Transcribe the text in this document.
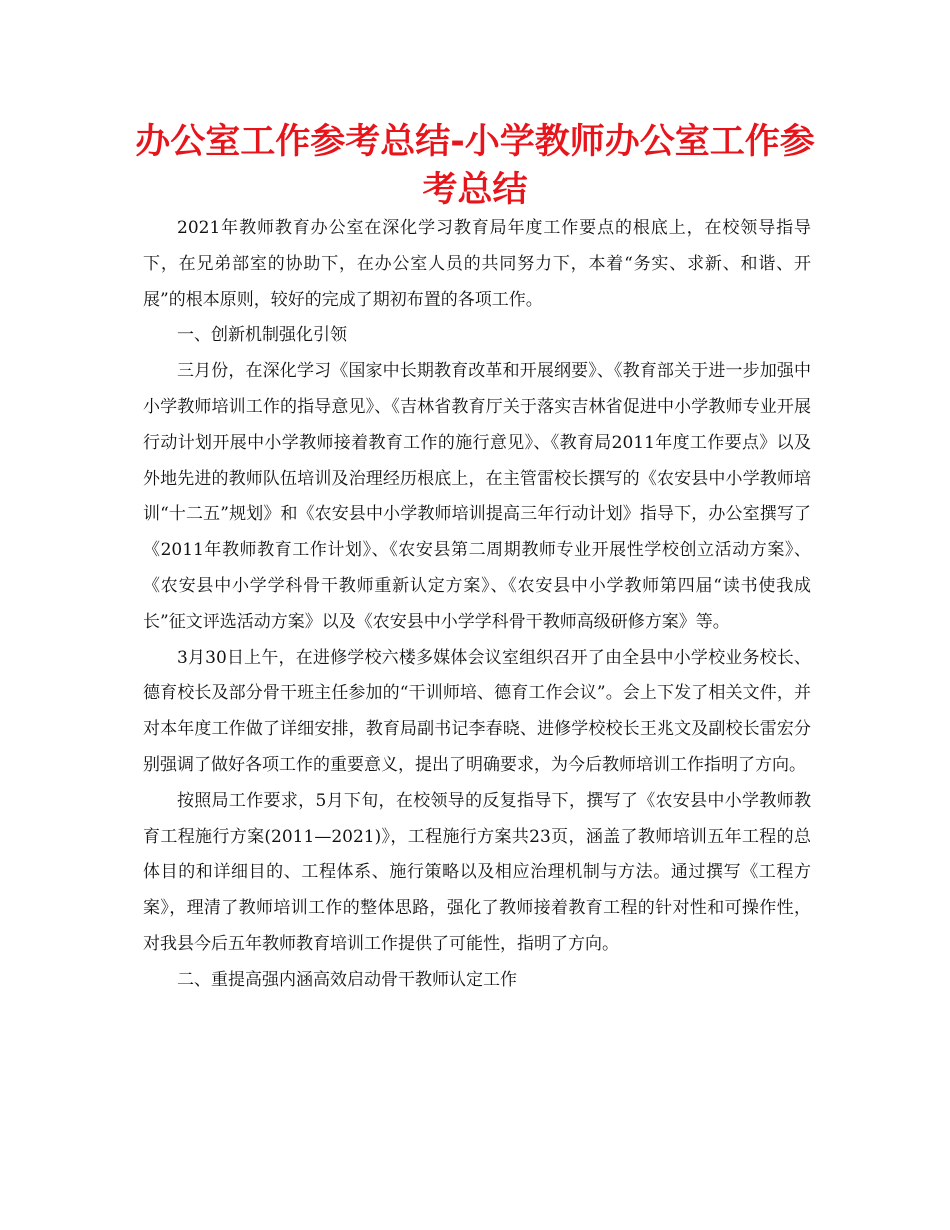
办公室工作参考总结-小学教师办公室工作参考总结

2021年教师教育办公室在深化学习教育局年度工作要点的根底上，在校领导指导下，在兄弟部室的协助下，在办公室人员的共同努力下，本着“务实、求新、和谐、开展”的根本原则，较好的完成了期初布置的各项工作。

一、创新机制强化引领

三月份，在深化学习《国家中长期教育改革和开展纲要》、《教育部关于进一步加强中小学教师培训工作的指导意见》、《吉林省教育厅关于落实吉林省促进中小学教师专业开展行动计划开展中小学教师接着教育工作的施行意见》、《教育局2011年度工作要点》以及外地先进的教师队伍培训及治理经历根底上，在主管雷校长撰写的《农安县中小学教师培训“十二五”规划》和《农安县中小学教师培训提高三年行动计划》指导下，办公室撰写了《2011年教师教育工作计划》、《农安县第二周期教师专业开展性学校创立活动方案》、《农安县中小学学科骨干教师重新认定方案》、《农安县中小学教师第四届“读书使我成长”征文评选活动方案》以及《农安县中小学学科骨干教师高级研修方案》等。

3月30日上午，在进修学校六楼多媒体会议室组织召开了由全县中小学校业务校长、德育校长及部分骨干班主任参加的“干训师培、德育工作会议”。会上下发了相关文件，并对本年度工作做了详细安排，教育局副书记李春晓、进修学校校长王兆文及副校长雷宏分别强调了做好各项工作的重要意义，提出了明确要求，为今后教师培训工作指明了方向。

按照局工作要求，5月下旬，在校领导的反复指导下，撰写了《农安县中小学教师教育工程施行方案(2011—2021)》，工程施行方案共23页，涵盖了教师培训五年工程的总体目的和详细目的、工程体系、施行策略以及相应治理机制与方法。通过撰写《工程方案》，理清了教师培训工作的整体思路，强化了教师接着教育工程的针对性和可操作性，对我县今后五年教师教育培训工作提供了可能性，指明了方向。

二、重提高强内涵高效启动骨干教师认定工作
